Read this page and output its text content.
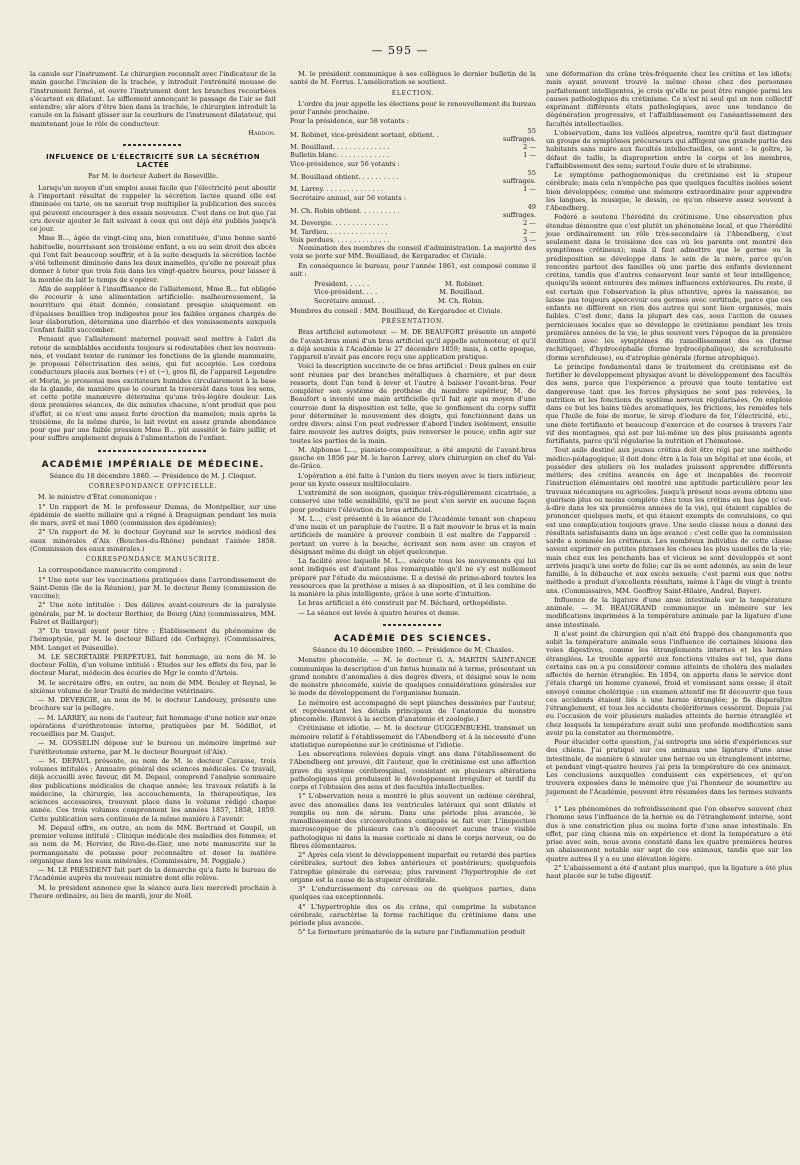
— 595 —

la canule sur l'instrument. Le chirurgien reconnaît avec l'indicateur de la main gauche l'incision de la trachée, y introduit l'extrémité mousse de l'instrument fermé, et ouvre l'instrument dont les branches recourbées s'écartent en dilatant. Le sifflement annonçant le passage de l'air se fait entendre; sûr alors d'être bien dans la trachée, le chirurgien introduit la canule en la faisant glisser sur la courbure de l'instrument dilatateur, qui maintenant joue le rôle de conducteur.

Hardon.

INFLUENCE DE L'ÉLECTRICITÉ SUR LA SÉCRÉTION LACTÉE
Par M. le docteur Aubert de Rosevillle.

Lorsqu'un moyen d'un emploi aussi facile que l'électricité peut aboutir à l'important résultat de rappeler la sécrétion lactée quand elle est diminuée ou tarie, on ne saurait trop multiplier la publication des succès qui peuvent encourager à des essais nouveaux. C'est dans ce but que j'ai cru devoir ajouter le fait suivant à ceux qui ont déjà été publiés jusqu'à ce jour.

Mme B..., âgée de vingt-cinq ans, bien constituée, d'une bonne santé habituelle, nourrissant son troisième enfant, a eu au sein droit des abcès qui l'ont fait beaucoup souffrir, et à la suite desquels la sécrétion lactée s'été tellement diminuée dans les deux mamelles, qu'elle ne pouvait plus donner à teter que trois fois dans les vingt-quatre heures, pour laisser à la montée du lait le temps de s'opérer.

Afin de suppléer à l'insuffisance de l'allaitement, Mme B... fut obligée de recourir à une alimentation artificielle: malheureusement, la nourriture qui était donnée, consistant presque uniquement en d'épaisses bouillies trop indigestes pour les faibles organes chargés de leur élaboration, détermina une diarrhée et des vomissements auxquels l'enfant faillit succomber.

Pensant que l'allaitement maternel pouvait seul mettre à l'abri du retour de semblables accidents toujours si redoutables chez les nouveau-nés, et voulant tenter de ranimer les fonctions de la glande mammaire, je proposai l'électrisation des seins, qui fut acceptée. Les cordons conducteurs placés aux bornes (+) et (−), gros fil, de l'appareil Legendre et Morin, je promenai mes excitateurs humides circulairement à la base de la glande, de manière que le courant la traversât dans tous les sens, et cette petite manœuvre détermina qu'une très-légère douleur. Les deux premières séances, de dix minutes chacune, n'ont produit que peu d'effet, si ce n'est une assez forte érection du mamelon; mais après la troisième, de la même durée, le lait revint en assez grande abondance pour que par une faible pression Mme B... pût aussitôt le faire jaillir, et pour suffire amplement depuis à l'alimentation de l'enfant.

ACADÉMIE IMPÉRIALE DE MÉDECINE.
Séance du 18 décembre 1860. — Présidence de M. J. Cloquet.
CORRESPONDANCE OFFICIELLE.

M. le ministre d'État communique :

1° Un rapport de M. le professeur Dumas, de Montpellier, sur une épidémie de suette miliaire qui a régné à Draguignan pendant les mois de mars, avril et mai 1860 (commission des épidémies);

2° Un rapport de M. le docteur Goyrand sur le service médical des eaux minérales d'Aix (Bouches-du-Rhône) pendant l'année 1858. (Commission des eaux minérales.)

CORRESPONDANCE MANUSCRITE.

La correspondance manuscrite comprend :

1° Une note sur les vaccinations pratiquées dans l'arrondissement de Saint-Denis (île de la Réunion), par M. le docteur Remy (commission de vaccine);

2° Une note intitulée : Des délires avant-coureurs de la paralysie générale, par M. le docteur Berthier, de Bourg (Ain) (commissaires, MM. Falret et Baillarger);

3° Un travail ayant pour titre : Établissement du phénomène de l'hémoptysie, par M. le docteur Billard (de Corbigny). (Commissaires, MM. Longet et Poiseuille).

M. LE SECRÉTAIRE PERPÉTUEL fait hommage, au nom de M. le docteur Follin, d'un volume intitulé : Études sur les effets du feu, par le docteur Marat, médecin des écuries de Mgr le comte d'Artois.

M. le secrétaire offre, en outre, au nom de MM. Bouley et Reynal, le sixième volume de leur Traité de médecine vétérinaire.

— M. DEVERGIE, au nom de M. le docteur Landouzy, présente une brochure sur la pellagre.

— M. LARREY, au nom de l'auteur, fait hommage d'une notice sur onze opérations d'uréthrotomie interne, pratiquées par M. Sédillot, et recueillies par M. Gaujot.

— M. GOSSELIN dépose sur le bureau un mémoire imprimé sur l'uréthrotomie externe, par M. le docteur Bourguet (d'Aix).

— M. DEPAUL présente, au nom de M. le docteur Cavasse, trois volumes intitulés : Annuaire général des sciences médicales. Ce travail, déjà accueilli avec faveur, dit M. Depaul, comprend l'analyse sommaire des publications médicales de chaque année; les travaux relatifs à la médecine, la chirurgie, les accouchements, la thérapeutique, les sciences accessoires, trouvent place dans le volume rédigé chaque année. Ces trois volumes comprennent les années 1857, 1858, 1859. Cette publication sera continuée de la même manière à l'avenir.

M. Depaul offre, en outre, au nom de MM. Bertrand et Goupil, un premier volume intitulé : Clinique médicale des maladies des femmes; et au nom de M. Hervier, de Rive-de-Gier, une note manuscrite sur la permanganate de potasse pour reconnaître et doser la matière organique dans les eaux minérales. (Commissaire, M. Poggiale.)

— M. LE PRÉSIDENT fait part de la démarche qu'a faite le bureau de l'Académie auprès du nouveau ministre dont elle relève.

M. le président annonce que la séance aura lieu mercredi prochain à l'heure ordinaire, au lieu de mardi, jour de Noël.

M. le président communique à ses collègues le dernier bulletin de la santé de M. Ferrus. L'amélioration se soutient.

ÉLECTION.

L'ordre du jour appelle les élections pour le renouvellement du bureau pour l'année prochaine.

Pour la présidence, sur 58 votants :

M. Robinet, vice-président sortant, obtient. .	55 suffrages.
M. Bouillaud. . . . . . . . . . . . . .	2 —
Bulletin blanc. . . . . . . . . . . . .	1 —

Vice-présidence, sur 56 votants :

M. Bouillaud obtient. . . . . . . . . .	55 suffrages.
M. Larrey. . . . . . . . . . . . . . .	1 —

Secrétaire annuel, sur 56 votants :

M. Ch. Robin obtient. . . . . . . . . .	49 suffrages.
M. Devergie. . . . . . . . . . . . . .	2 —
M. Tardieu. . . . . . . . . . . . . . .	2 —
Voix perdues. . . . . . . . . . . . . .	3 —

Nomination des membres du conseil d'administration. La majorité des voix se porte sur MM. Bouillaud, de Kergaradec et Civiale.

En conséquence le bureau, pour l'année 1861, est composé comme il suit :

Président. . . . . .	M. Robinet.
Vice-président. . . .	M. Bouillaud.
Secrétaire annuel. . .	M. Ch. Robin.

Membres du conseil : MM. Bouillaud, de Kergaradec et Civiale.

PRÉSENTATION.

Bras artificiel automoteur. — M. DE BEAUFORT présente un ampoté de l'avant-bras muni d'un bras artificiel qu'il appelle automoteur, et qu'il a déjà soumis à l'Académie le 27 décembre 1859; mais, à cette époque, l'appareil n'avait pas encore reçu une application pratique.

Voici la description succincte de ce bras artificiel : Deux gaînes en cuir sont réunies par des branches métalliques à charnière, et par deux ressorts, dont l'un tend à lever et l'autre à baisser l'avant-bras. Pour compléter son système de prothèse du membre supérieur, M. de Beaufort a inventé une main artificielle qu'il fait agir au moyen d'une courroie dont la disposition est telle, que le gonflement du corps suffit pour déterminer le mouvement des doigts, qui fonctionnent dans un ordre divers: ainsi l'on peut redresser d'abord l'index isolément, ensuite faire mouvoir les autres doigts, puis renverser le pouce, enfin agir sur toutes les parties de la main.

M. Alphonse L..., pianiste-compositeur, a été amputé de l'avant-bras gauche en 1856 par M. le baron Larrey, alors chirurgien en chef du Val-de-Grâce.

L'opération a été faite à l'union du tiers moyen avec le tiers inférieur, pour un kyste osseux multiloculaire.

L'extrémité de son moignon, quoique très-régulièrement cicatrisée, a conservé une telle sensibilité, qu'il ne peut s'en servir en aucune façon pour produire l'élévation du bras artificiel.

M. L..., c'est présenté à la séance de l'Académie tenant son chapeau d'une main et un parapluie de l'autre. Il a fait mouvoir le bras et la main artificiels de manière à prouver combien il est maître de l'appareil : portant un verre à la bouche, écrivant son nom avec un crayon et désignant même du doigt un objet quelconque.

La facilité avec laquelle M. L... exécute tous les mouvements qui lui sont indiqués est d'autant plus remarquable qu'il ne s'y est nullement préparé par l'étude du mécanisme. Il a devisé de prime-abord toutes les ressources que la prothèse a mises à sa disposition, et il les combine de la manière la plus intelligente, grâce à une sorte d'intuition.

Le bras artificiel a été construit par M. Béchard, orthopédiste.

— La séance est levée à quatre heures et demie.

ACADÉMIE DES SCIENCES.
Séance du 10 décembre 1860. — Présidence de M. Chasles.

Monstre phocomèle. — M. le docteur G. A. MARTIN SAINT-ANGE communique la description d'un fœtus humain né à terme, présentant un grand nombre d'anomalies à des degrés divers, et désigné sous le nom de monstre phocomèle, suivie de quelques considérations générales sur le mode de développement de l'organisme humain.

Le mémoire est accompagné de sept planches dessinées par l'auteur, et représentant les détails principaux de l'anatomie du monstre phocomèle. (Renvoi à la section d'anatomie et zoologie.)

Crétinisme et idiotie. — M. le docteur GUGGENBUEHL transmet un mémoire relatif à l'établissement de l'Abendberg et à la nécessité d'une statistique européenne sur le crétinisme et l'idiotie.

Les observations relevées depuis vingt ans dans l'établissement de l'Abendberg ont prouvé, dit l'auteur, que le crétinisme est une affection grave du système cérébrospinal, consistant en plusieurs altérations pathologiques qui produisent le développement irrégulier et tardif du corps et l'obtusion des sens et des facultés intellectuelles.

1° L'observation nous a montré le plus souvent un œdème cérébral, avec des anomalies dans les ventricules latéraux qui sont dilatés et remplis ou non de sérum. Dans une période plus avancée, le ramollissement des circonvolutions contiguës se fait voir. L'inspection microscopique de plusieurs cas n'a découvert aucune trace visible pathologique ni dans la masse corticale ni dans le corps nerveux, ou de fibres élémentaires.

2° Après cela vient le développement imparfait ou retardé des parties cérébrales, surtout des lobes antérieurs et postérieurs; quelquefois l'atrophie générale du cerveau; plus rarement l'hypertrophie de cet organe est la cause de la stupeur cérébrale.

3° L'endurcissement du cerveau ou de quelques parties, dans quelques cas exceptionnels.

4° L'hypertrophie des os du crâne, qui comprime la substance cérébrale, caractérise la forme rachitique du crétinisme dans une période plus avancée.

5° La formeture prématurée de la suture par l'inflammation produit

une déformation du crâne très-fréquente chez les crétins et les idiots; mais ayant souvent trouvé la même chose chez des personnes parfaitement intelligentes, je crois qu'elle ne peut être rangée parmi les causes pathologiques du crétinisme. Ce n'est ni seul qui un non collectif exprimant différents états pathologiques, avec une tendance de dégénération progressive, et l'affaiblissement ou l'anéantissement des facultés intellectuelles.

L'observation, dans les vallées alpestres, montre qu'il faut distinguer un groupe de symptômes précurseurs qui affligent une grande partie des habitants sans nuire aux facultés intellectuelles, ce sont : le goître, le défaut de taille, la disproportion entre le corps et les membres, l'affaiblissement des sens; surtout l'ouïe dure et le strabisme.

Le symptôme pathognomonique du crétinisme est la stupeur cérébrale; mais cela n'empêche pas que quelques facultés isolées soient bien développées; comme une mémoire extraordinaire pour apprendre les langues, la musique, le dessin, ce qu'on observe assez souvent à l'Abendberg.

Fodéré a soutenu l'hérédité du crétinisme. Une observation plus étendue démontre que c'est plutôt un phénomène local, et que l'hérédité joue ordinairement un rôle très-secondaire (à l'Abendberg, c'est seulement dans le troisième des cas où les parents ont montré des symptômes crétineux); mais il faut admettre que le germe ou la prédisposition se développe dans le sein de la mère, parce qu'on rencontre partout des familles où une partie des enfants deviennent crétins, tandis que d'autres conservent leur santé et leur intelligence, quoiqu'ils soient entourés des mêmes influences extérieures. Du reste, il est certain que l'observation la plus attentive, après la naissance, ne laisse pas toujours apercevoir ces germes avec certitude, parce que ces enfants ne diffèrent en rien des autres qui sont bien organisés, mais faibles. C'est donc, dans la plupart des cas, sous l'action de causes pernicieuses locales que se développe le crétinisme pendant les trois premières années de la vie, le plus souvent vers l'époque de la première dentition avec les symptômes du ramollissement des os (forme rachitique), d'hydrocéphalie (forme hydrocéphalique), de scrofulosité (forme scrofuleuse), ou d'atrophie générale (forme atrophique).

Le principe fondamental dans le traitement du crétinisme est de fortifier le développement physique avant le développement des facultés des sens, parce que l'expérience a prouvé que toute tentative est dangereuse tant que les forces physiques ne sont pas relevées, la nutrition et les fonctions du système nerveux régularisées. On emploie dans ce but les bains tièdes aromatiques, les frictions, les remèdes tels que l'huile de foie de morue, le sirop d'iodure de fer, l'électricité, etc., une diète fortifiante et beaucoup d'exercice et de courses à travers l'air vif des montagnes, qui est par lui-même un des plus puissants agents fortifiants, parce qu'il régularise la nutrition et l'hématose.

Tout asile destiné aux jeunes crétins doit être régi par une méthode médico-pédagogique; il doit donc être à la fois un hôpital et une école, et posséder des ateliers où les malades puissent apprendre différents métiers; des crétins avancés en âge et incapables de recevoir l'instruction élémentaire ont montré une aptitude particulière pour les travaux mécaniques ou agricoles. Jusqu'à présent nous avons obtenu une guérison plus ou moins complète chez tous les crétins en bas âge (c'est-à-dire dans les six premières années de la vie), qui étaient capables de prononcer quelques mots, et qui étaient exempts de convulsions, ce qui est une complication toujours grave. Une seule classe nous a donné des résultats satisfaisants dans un âge avancé : c'est celle que la commission sarde a nommée les crétineux. Les nombreux individus de cette classe savent exprimer en petites phrases les choses les plus usuelles de la vie; mais chez eux les penchants bas et vicieux se sont développés et sont arrivés jusqu'à une sorte de folie; car ils se sont adonnés, au sein de leur famille, à la débauche et aux excès sexuels; c'est parmi eux que notre méthode a produit d'excellents résultats, même à l'âge de vingt à trente ans. (Commissaires, MM. Geoffroy Saint-Hilaire, Andral, Bayer).

Influence de la ligature d'une anse intestinale sur la température animale. — M. BEAUGRAND communique un mémoire sur les modifications imprimées à la température animale par la ligature d'une anse intestinale.

Il n'est point de chirurgien qui n'ait été frappé des changements que subit la température animale sous l'influence de certaines lésions des voies digestives, comme les étranglements internes et les hernies étranglées. Le trouble apporté aux fonctions vitales est tel, que dans certains cas on a pu considérer comme atteints de choléra des malades affectés de hernie étranglée. En 1854, on apporta dans le service dont j'étais chargé un homme cyanosé, froid et vomissant sans cesse; il était envoyé comme cholérique : un examen attentif me fit découvrir que tous ces accidents étaient liés à une hernie étranglée; je fis disparaître l'étranglement, et tous les accidents cholériformes cessèrent. Depuis j'ai eu l'occasion de voir plusieurs malades atteints de hernie étranglée et chez lesquels la température avait subi une profonde modification sans avoir pu la constater au thermomètre.

Pour élucider cette question, j'ai entrepris une série d'expériences sur des chiens. J'ai pratiqué sur ces animaux une ligature d'une anse intestinale, de manière à simuler une hernie ou un étranglement interne, et pendant vingt-quatre heures j'ai pris la température de ces animaux. Les conclusions auxquelles conduisent ces expériences, et qu'on trouvera exposées dans le mémoire que j'ai l'honneur de soumettre au jugement de l'Académie, peuvent être résumées dans les termes suivants :

1° Les phénomènes de refroidissement que l'on observe souvent chez l'homme sous l'influence de la hernie ou de l'étranglement interne, sont dus à une constriction plus ou moins forte d'une anse intestinale. En effet, par cinq chiens mis en expérience et dont la température a été prise avec soin, nous avons constaté dans les quatre premières heures un abaissement notable sur sept de ces animaux, tandis que sur les quatre autres il y a eu une élévation légère.

2° L'abaissement a été d'autant plus marqué, que la ligature a été plus haut placée sur le tube digestif.
